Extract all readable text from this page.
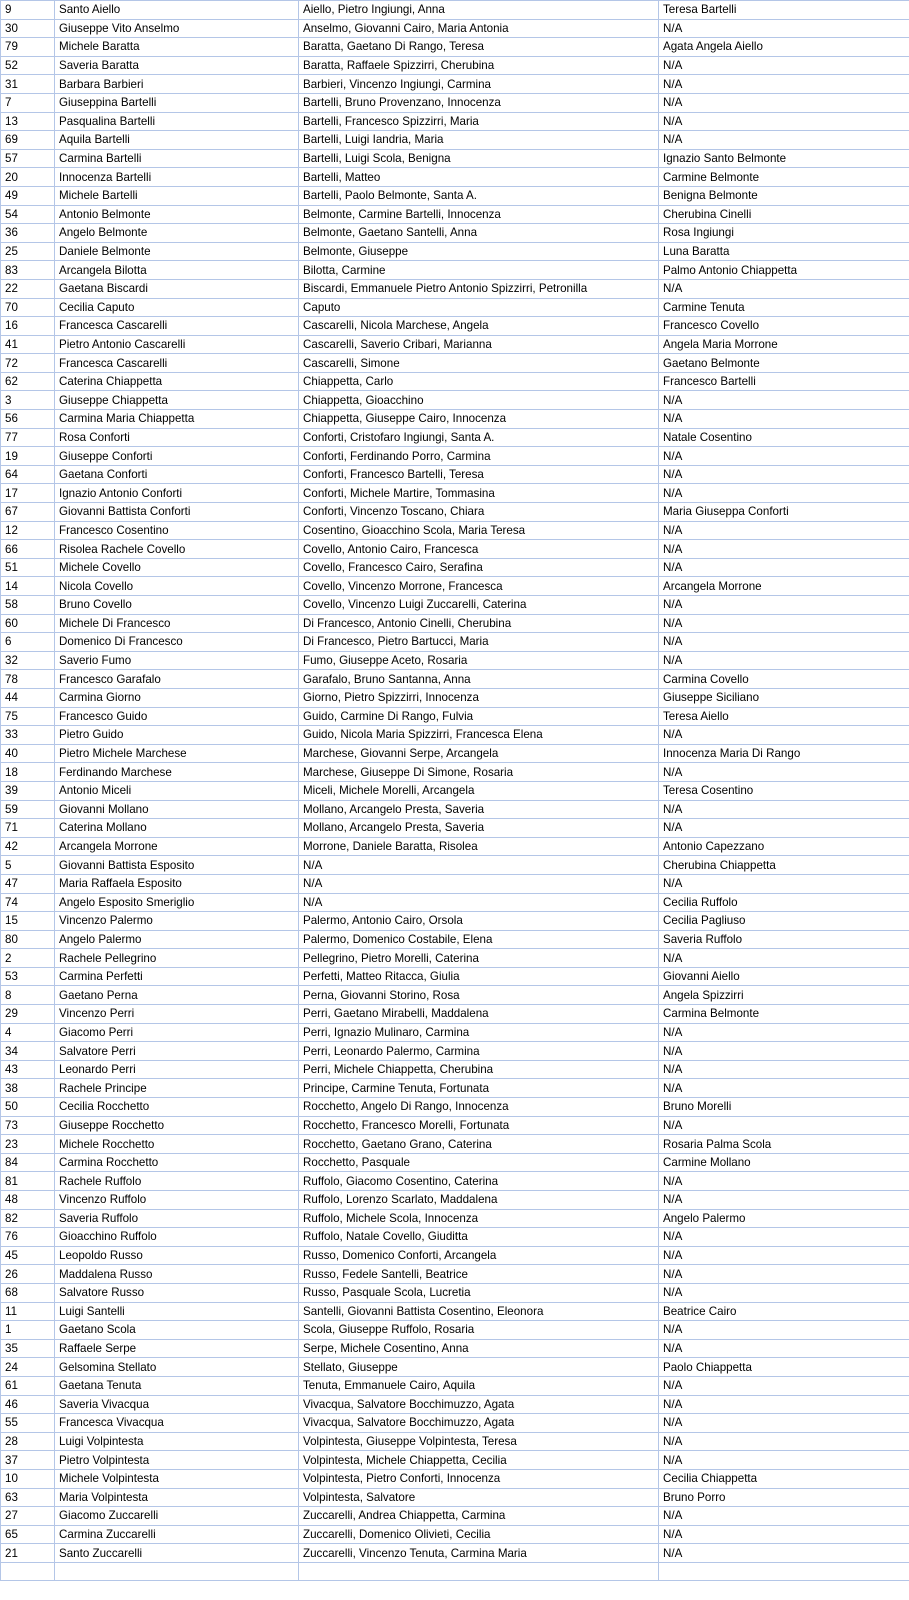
9	Santo Aiello	Aiello, Pietro Ingiungi, Anna	Teresa Bartelli
30	Giuseppe Vito Anselmo	Anselmo, Giovanni Cairo, Maria Antonia	N/A
79	Michele Baratta	Baratta, Gaetano Di Rango, Teresa	Agata Angela Aiello
52	Saveria Baratta	Baratta, Raffaele Spizzirri, Cherubina	N/A
31	Barbara Barbieri	Barbieri, Vincenzo Ingiungi, Carmina	N/A
7	Giuseppina Bartelli	Bartelli, Bruno Provenzano, Innocenza	N/A
13	Pasqualina Bartelli	Bartelli, Francesco Spizzirri, Maria	N/A
69	Aquila Bartelli	Bartelli, Luigi Iandria, Maria	N/A
57	Carmina Bartelli	Bartelli, Luigi Scola, Benigna	Ignazio Santo Belmonte
20	Innocenza Bartelli	Bartelli, Matteo	Carmine Belmonte
49	Michele Bartelli	Bartelli, Paolo Belmonte, Santa A.	Benigna Belmonte
54	Antonio Belmonte	Belmonte, Carmine Bartelli, Innocenza	Cherubina Cinelli
36	Angelo Belmonte	Belmonte, Gaetano Santelli, Anna	Rosa Ingiungi
25	Daniele Belmonte	Belmonte, Giuseppe	Luna Baratta
83	Arcangela Bilotta	Bilotta, Carmine	Palmo Antonio Chiappetta
22	Gaetana Biscardi	Biscardi, Emmanuele Pietro Antonio Spizzirri, Petronilla	N/A
70	Cecilia Caputo	Caputo	Carmine Tenuta
16	Francesca Cascarelli	Cascarelli, Nicola Marchese, Angela	Francesco Covello
41	Pietro Antonio Cascarelli	Cascarelli, Saverio Cribari, Marianna	Angela Maria Morrone
72	Francesca Cascarelli	Cascarelli, Simone	Gaetano Belmonte
62	Caterina Chiappetta	Chiappetta, Carlo	Francesco Bartelli
3	Giuseppe Chiappetta	Chiappetta, Gioacchino	N/A
56	Carmina Maria Chiappetta	Chiappetta, Giuseppe Cairo, Innocenza	N/A
77	Rosa Conforti	Conforti, Cristofaro Ingiungi, Santa A.	Natale Cosentino
19	Giuseppe Conforti	Conforti, Ferdinando Porro, Carmina	N/A
64	Gaetana Conforti	Conforti, Francesco Bartelli, Teresa	N/A
17	Ignazio Antonio Conforti	Conforti, Michele Martire, Tommasina	N/A
67	Giovanni Battista Conforti	Conforti, Vincenzo Toscano, Chiara	Maria Giuseppa Conforti
12	Francesco Cosentino	Cosentino, Gioacchino Scola, Maria Teresa	N/A
66	Risolea Rachele Covello	Covello, Antonio Cairo, Francesca	N/A
51	Michele Covello	Covello, Francesco Cairo, Serafina	N/A
14	Nicola Covello	Covello, Vincenzo Morrone, Francesca	Arcangela Morrone
58	Bruno Covello	Covello, Vincenzo Luigi Zuccarelli, Caterina	N/A
60	Michele Di Francesco	Di Francesco, Antonio Cinelli, Cherubina	N/A
6	Domenico Di Francesco	Di Francesco, Pietro Bartucci, Maria	N/A
32	Saverio Fumo	Fumo, Giuseppe Aceto, Rosaria	N/A
78	Francesco Garafalo	Garafalo, Bruno Santanna, Anna	Carmina Covello
44	Carmina Giorno	Giorno, Pietro Spizzirri, Innocenza	Giuseppe Siciliano
75	Francesco Guido	Guido, Carmine Di Rango, Fulvia	Teresa Aiello
33	Pietro Guido	Guido, Nicola Maria Spizzirri, Francesca Elena	N/A
40	Pietro Michele Marchese	Marchese, Giovanni Serpe, Arcangela	Innocenza Maria Di Rango
18	Ferdinando Marchese	Marchese, Giuseppe Di Simone, Rosaria	N/A
39	Antonio Miceli	Miceli, Michele Morelli, Arcangela	Teresa Cosentino
59	Giovanni Mollano	Mollano, Arcangelo Presta, Saveria	N/A
71	Caterina Mollano	Mollano, Arcangelo Presta, Saveria	N/A
42	Arcangela Morrone	Morrone, Daniele Baratta, Risolea	Antonio Capezzano
5	Giovanni Battista Esposito	N/A	Cherubina Chiappetta
47	Maria Raffaela Esposito	N/A	N/A
74	Angelo Esposito Smeriglio	N/A	Cecilia Ruffolo
15	Vincenzo Palermo	Palermo, Antonio Cairo, Orsola	Cecilia Pagliuso
80	Angelo Palermo	Palermo, Domenico Costabile, Elena	Saveria Ruffolo
2	Rachele Pellegrino	Pellegrino, Pietro Morelli, Caterina	N/A
53	Carmina Perfetti	Perfetti, Matteo Ritacca, Giulia	Giovanni Aiello
8	Gaetano Perna	Perna, Giovanni Storino, Rosa	Angela Spizzirri
29	Vincenzo Perri	Perri, Gaetano Mirabelli, Maddalena	Carmina Belmonte
4	Giacomo Perri	Perri, Ignazio Mulinaro, Carmina	N/A
34	Salvatore Perri	Perri, Leonardo Palermo, Carmina	N/A
43	Leonardo Perri	Perri, Michele Chiappetta, Cherubina	N/A
38	Rachele Principe	Principe, Carmine Tenuta, Fortunata	N/A
50	Cecilia Rocchetto	Rocchetto, Angelo Di Rango, Innocenza	Bruno Morelli
73	Giuseppe Rocchetto	Rocchetto, Francesco Morelli, Fortunata	N/A
23	Michele Rocchetto	Rocchetto, Gaetano Grano, Caterina	Rosaria Palma Scola
84	Carmina Rocchetto	Rocchetto, Pasquale	Carmine Mollano
81	Rachele Ruffolo	Ruffolo, Giacomo Cosentino, Caterina	N/A
48	Vincenzo Ruffolo	Ruffolo, Lorenzo Scarlato, Maddalena	N/A
82	Saveria Ruffolo	Ruffolo, Michele Scola, Innocenza	Angelo Palermo
76	Gioacchino Ruffolo	Ruffolo, Natale Covello, Giuditta	N/A
45	Leopoldo Russo	Russo, Domenico Conforti, Arcangela	N/A
26	Maddalena Russo	Russo, Fedele Santelli, Beatrice	N/A
68	Salvatore Russo	Russo, Pasquale Scola, Lucretia	N/A
11	Luigi Santelli	Santelli, Giovanni Battista Cosentino, Eleonora	Beatrice Cairo
1	Gaetano Scola	Scola, Giuseppe Ruffolo, Rosaria	N/A
35	Raffaele Serpe	Serpe, Michele Cosentino, Anna	N/A
24	Gelsomina Stellato	Stellato, Giuseppe	Paolo Chiappetta
61	Gaetana Tenuta	Tenuta, Emmanuele Cairo, Aquila	N/A
46	Saveria Vivacqua	Vivacqua, Salvatore Bocchimuzzo, Agata	N/A
55	Francesca Vivacqua	Vivacqua, Salvatore Bocchimuzzo, Agata	N/A
28	Luigi Volpintesta	Volpintesta, Giuseppe Volpintesta, Teresa	N/A
37	Pietro Volpintesta	Volpintesta, Michele Chiappetta, Cecilia	N/A
10	Michele Volpintesta	Volpintesta, Pietro Conforti, Innocenza	Cecilia Chiappetta
63	Maria Volpintesta	Volpintesta, Salvatore	Bruno Porro
27	Giacomo Zuccarelli	Zuccarelli, Andrea Chiappetta, Carmina	N/A
65	Carmina Zuccarelli	Zuccarelli, Domenico Olivieti, Cecilia	N/A
21	Santo Zuccarelli	Zuccarelli, Vincenzo Tenuta, Carmina Maria	N/A
